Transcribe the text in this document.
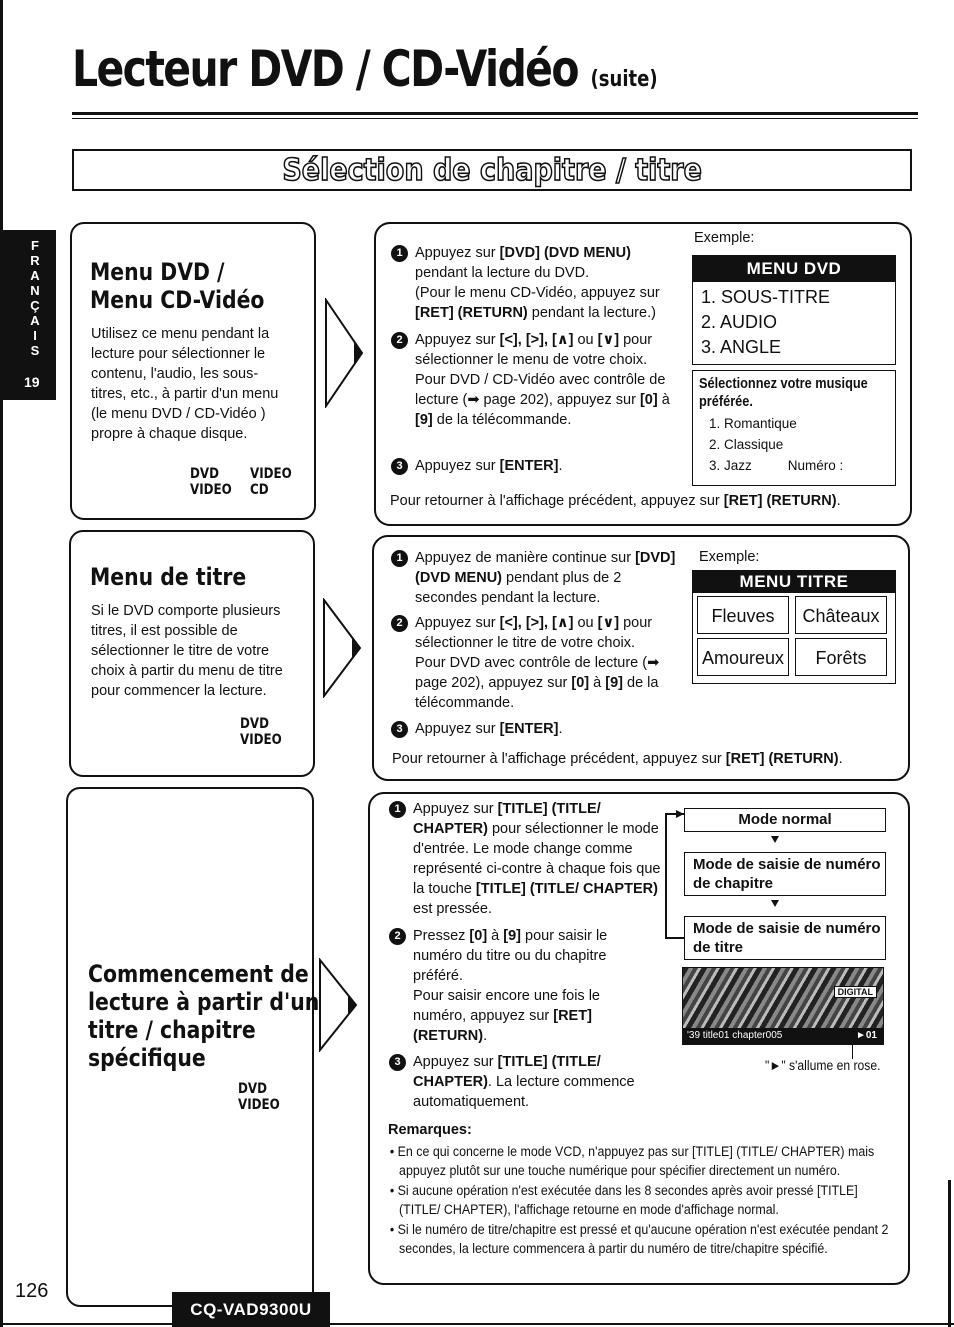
Lecteur DVD / CD-Vidéo (suite)
Sélection de chapitre / titre
F
R
A
N
Ç
A
I
S
19
Menu DVD /
Menu CD-Vidéo
Utilisez ce menu pendant la lecture pour sélectionner le contenu, l'audio, les sous-titres, etc., à partir d'un menu (le menu DVD / CD-Vidéo ) propre à chaque disque.
DVD VIDEO
VIDEO CD
1 Appuyez sur [DVD] (DVD MENU) pendant la lecture du DVD.
(Pour le menu CD-Vidéo, appuyez sur [RET] (RETURN) pendant la lecture.)
2 Appuyez sur [<], [>], [∧] ou [∨] pour sélectionner le menu de votre choix.
Pour DVD / CD-Vidéo avec contrôle de lecture (➡ page 202), appuyez sur [0] à [9] de la télécommande.
3 Appuyez sur [ENTER].
Pour retourner à l'affichage précédent, appuyez sur [RET] (RETURN).
Exemple:
MENU DVD
1. SOUS-TITRE
2. AUDIO
3. ANGLE
Sélectionnez votre musique préférée.
1. Romantique
2. Classique
3. Jazz	Numéro :
Menu de titre
Si le DVD comporte plusieurs titres, il est possible de sélectionner le titre de votre choix à partir du menu de titre pour commencer la lecture.
DVD VIDEO
1 Appuyez de manière continue sur [DVD] (DVD MENU) pendant plus de 2 secondes pendant la lecture.
2 Appuyez sur [<], [>], [∧] ou [∨] pour sélectionner le titre de votre choix.
Pour DVD avec contrôle de lecture (➡ page 202), appuyez sur [0] à [9] de la télécommande.
3 Appuyez sur [ENTER].
Pour retourner à l'affichage précédent, appuyez sur [RET] (RETURN).
Exemple:
MENU TITRE
Fleuves	Châteaux
Amoureux	Forêts
Commencement de
lecture à partir d'un
titre / chapitre
spécifique
DVD VIDEO
1 Appuyez sur [TITLE] (TITLE/ CHAPTER) pour sélectionner le mode d'entrée. Le mode change comme représenté ci-contre à chaque fois que la touche [TITLE] (TITLE/ CHAPTER) est pressée.
2 Pressez [0] à [9] pour saisir le numéro du titre ou du chapitre préféré.
Pour saisir encore une fois le numéro, appuyez sur [RET] (RETURN).
3 Appuyez sur [TITLE] (TITLE/ CHAPTER). La lecture commence automatiquement.
Mode normal
Mode de saisie de numéro de chapitre
Mode de saisie de numéro de titre
DIGITAL
'39 title01 chapter005	►01
"►" s'allume en rose.
Remarques:
• En ce qui concerne le mode VCD, n'appuyez pas sur [TITLE] (TITLE/ CHAPTER) mais appuyez plutôt sur une touche numérique pour spécifier directement un numéro.
• Si aucune opération n'est exécutée dans les 8 secondes après avoir pressé [TITLE] (TITLE/ CHAPTER), l'affichage retourne en mode d'affichage normal.
• Si le numéro de titre/chapitre est pressé et qu'aucune opération n'est exécutée pendant 2 secondes, la lecture commencera à partir du numéro de titre/chapitre spécifié.
126
CQ-VAD9300U
